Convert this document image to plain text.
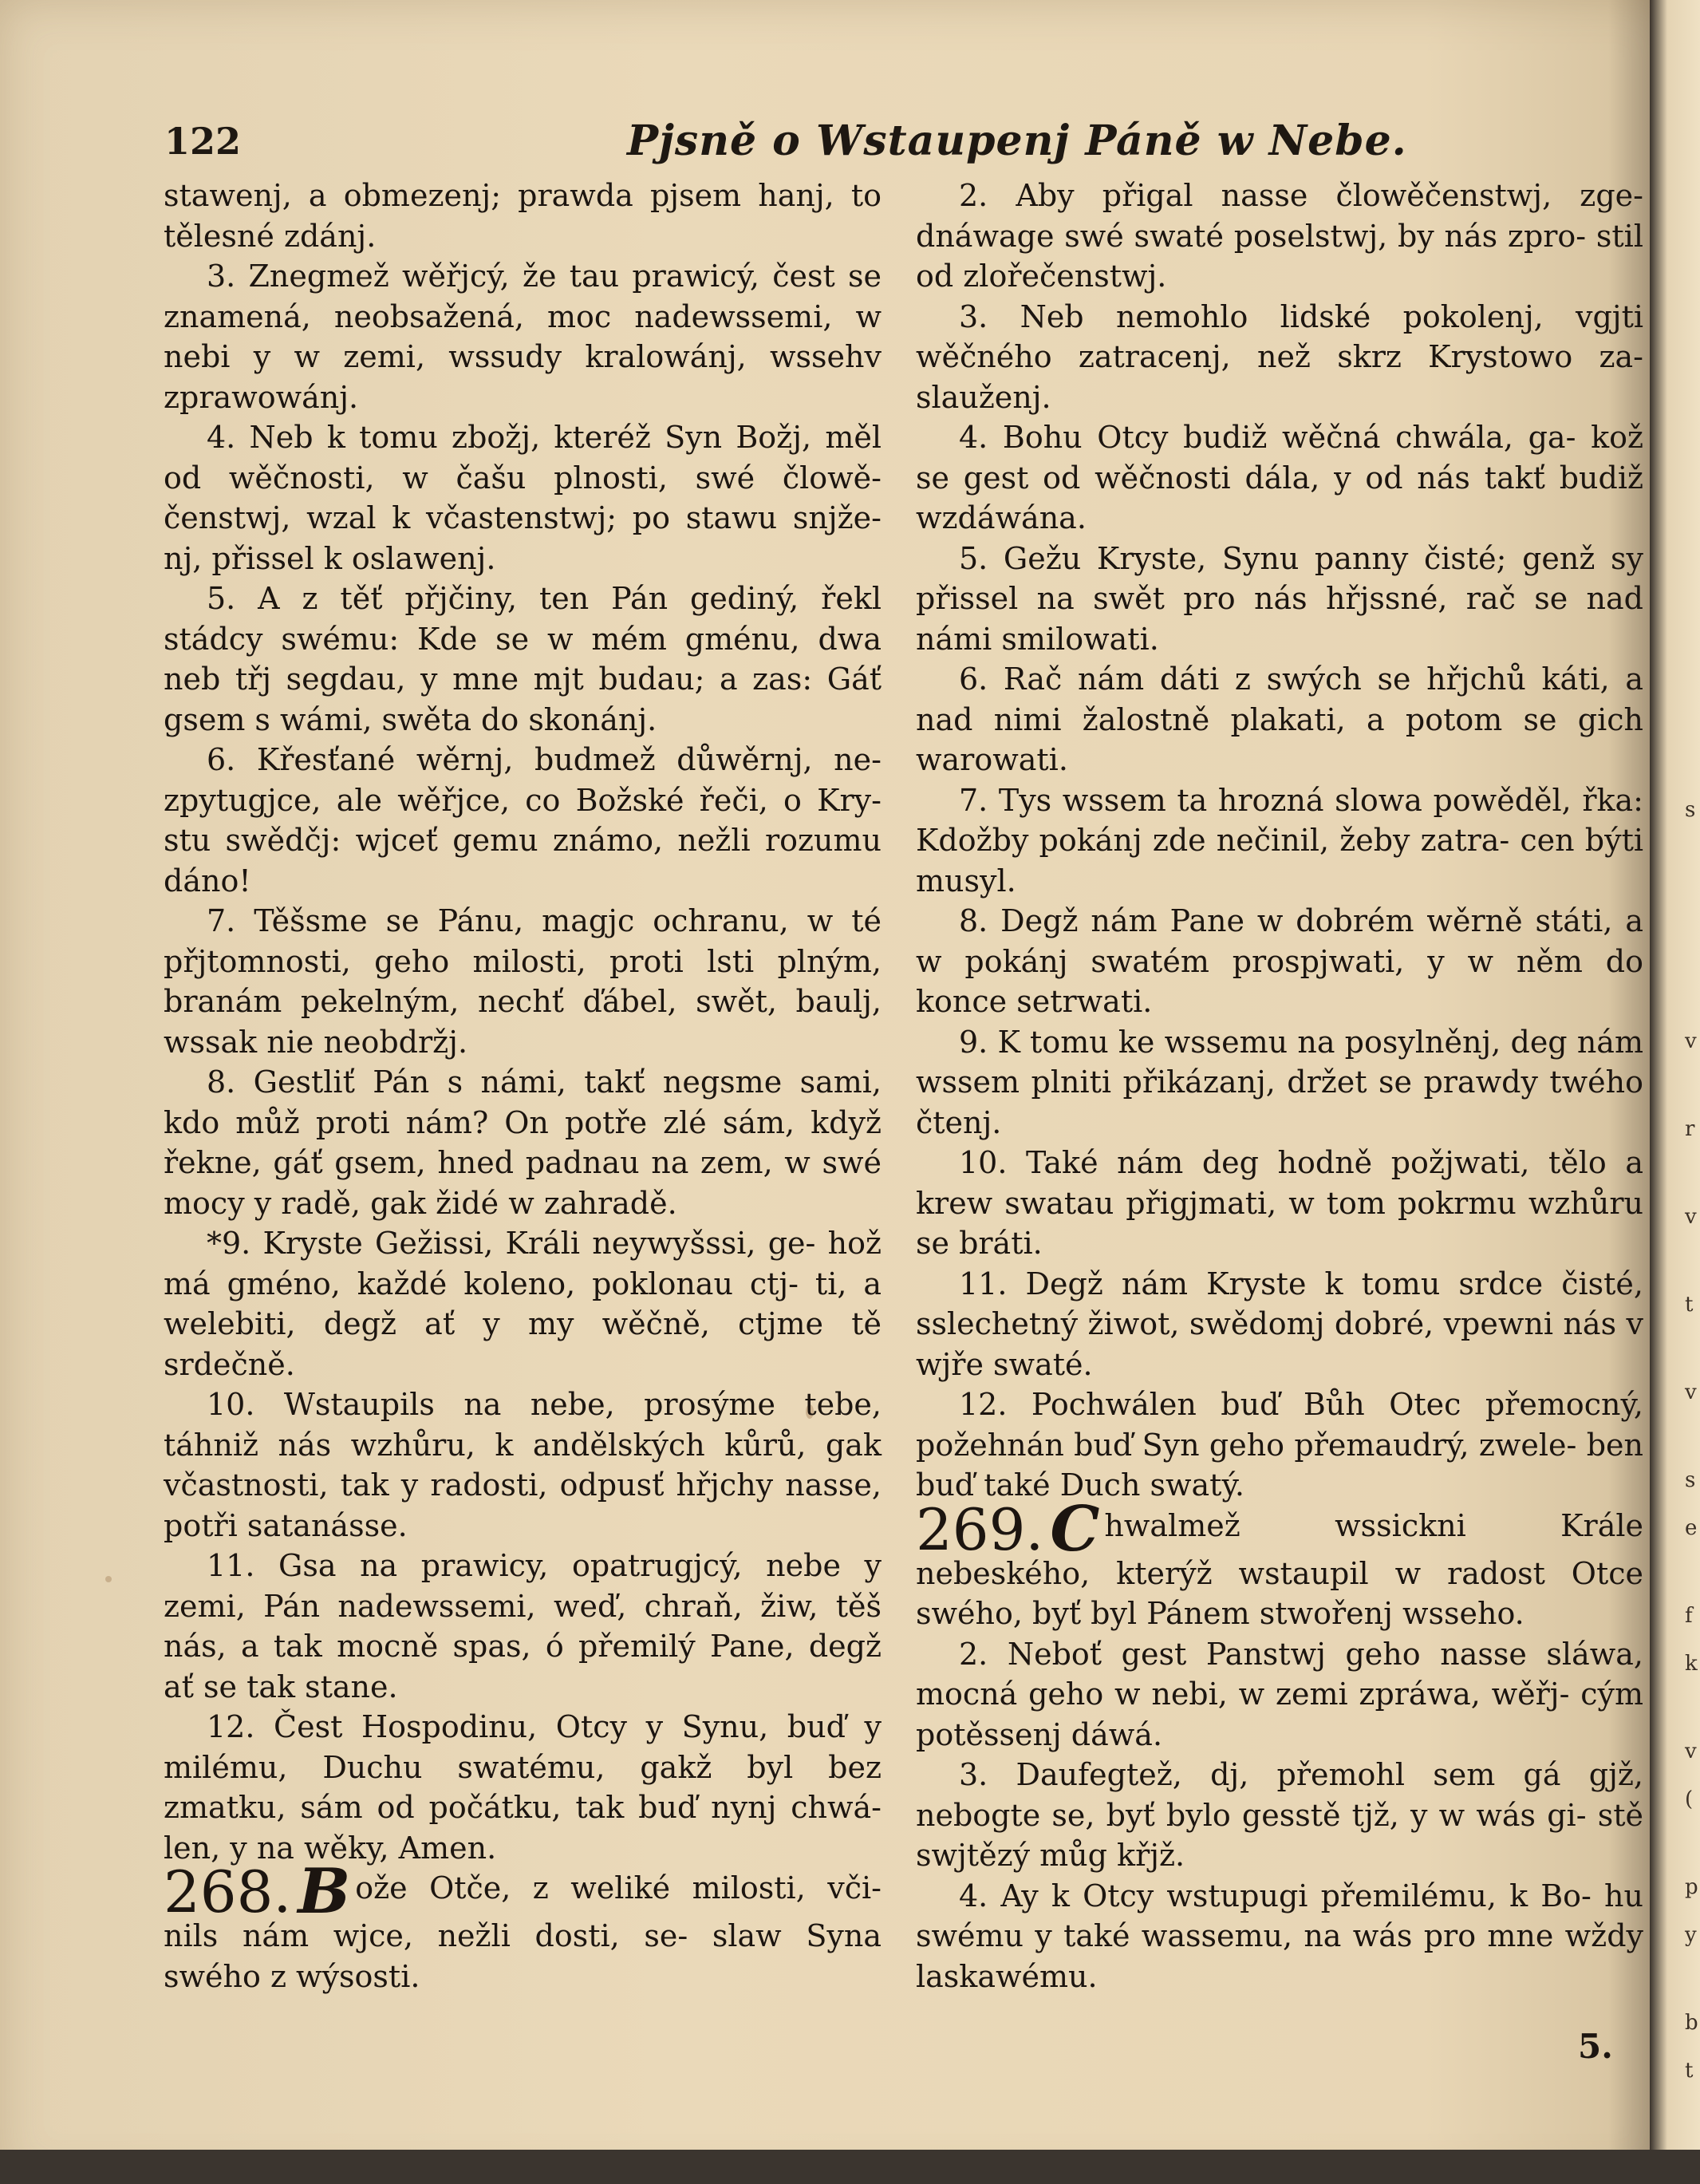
s
v
r
v
t
v
s
e
f
k
v
(
p
y
b
t
122	Pjsně o Wstaupenj Páně w Nebe.

stawenj, a obmezenj; prawda pjsem hanj, to tělesné zdánj.

3. Znegmež wěřjcý, že tau prawicý, čest se znamená, neobsažená, moc nadewssemi, w nebi y w zemi, wssudy kralowánj, wssehv zprawowánj.

4. Neb k tomu zbožj, kteréž Syn Božj, měl od wěčnosti, w čašu plnosti, swé člowě- čenstwj, wzal k včastenstwj; po stawu snjže- nj, přissel k oslawenj.

5. A z těť přjčiny, ten Pán gediný, řekl stádcy swému: Kde se w mém gménu, dwa neb třj segdau, y mne mjt budau; a zas: Gáť gsem s wámi, swěta do skonánj.

6. Křesťané wěrnj, budmež důwěrnj, ne- zpytugjce, ale wěřjce, co Božské řeči, o Kry- stu swědčj: wjceť gemu známo, nežli rozumu dáno!

7. Těšsme se Pánu, magjc ochranu, w té přjtomnosti, geho milosti, proti lsti plným, branám pekelným, nechť ďábel, swět, baulj, wssak nie neobdržj.

8. Gestliť Pán s námi, takť negsme sami, kdo můž proti nám? On potře zlé sám, když řekne, gáť gsem, hned padnau na zem, w swé mocy y radě, gak židé w zahradě.

*9. Kryste Gežissi, Králi neywyšssi, ge- hož má gméno, každé koleno, poklonau ctj- ti, a welebiti, degž ať y my wěčně, ctjme tě srdečně.

10. Wstaupils na nebe, prosýme tebe, táhniž nás wzhůru, k andělských kůrů, gak včastnosti, tak y radosti, odpusť hřjchy nasse, potři satanásse.

11. Gsa na prawicy, opatrugjcý, nebe y zemi, Pán nadewssemi, weď, chraň, žiw, těš nás, a tak mocně spas, ó přemilý Pane, degž ať se tak stane.

12. Čest Hospodinu, Otcy y Synu, buď y milému, Duchu swatému, gakž byl bez zmatku, sám od počátku, tak buď nynj chwá- len, y na wěky, Amen.

268. B ože Otče, z weliké milosti, vči- nils nám wjce, nežli dosti, se- slaw Syna swého z wýsosti.

2. Aby přigal nasse člowěčenstwj, zge- dnáwage swé swaté poselstwj, by nás zpro- stil od zlořečenstwj.

3. Neb nemohlo lidské pokolenj, vgjti wěčného zatracenj, než skrz Krystowo za- slauženj.

4. Bohu Otcy budiž wěčná chwála, ga- kož se gest od wěčnosti dála, y od nás takť budiž wzdáwána.

5. Gežu Kryste, Synu panny čisté; genž sy přissel na swět pro nás hřjssné, rač se nad námi smilowati.

6. Rač nám dáti z swých se hřjchů káti, a nad nimi žalostně plakati, a potom se gich warowati.

7. Tys wssem ta hrozná slowa powěděl, řka: Kdožby pokánj zde nečinil, žeby zatra- cen býti musyl.

8. Degž nám Pane w dobrém wěrně státi, a w pokánj swatém prospjwati, y w něm do konce setrwati.

9. K tomu ke wssemu na posylněnj, deg nám wssem plniti přikázanj, držet se prawdy twého čtenj.

10. Také nám deg hodně požjwati, tělo a krew swatau přigjmati, w tom pokrmu wzhůru se bráti.

11. Degž nám Kryste k tomu srdce čisté, sslechetný žiwot, swědomj dobré, vpewni nás v wjře swaté.

12. Pochwálen buď Bůh Otec přemocný, požehnán buď Syn geho přemaudrý, zwele- ben buď také Duch swatý.

269. C hwalmež wssickni Krále nebeského, kterýž wstaupil w radost Otce swého, byť byl Pánem stwořenj wsseho.

2. Neboť gest Panstwj geho nasse sláwa, mocná geho w nebi, w zemi zpráwa, wěřj- cým potěssenj dáwá.

3. Daufegtež, dj, přemohl sem gá gjž, nebogte se, byť bylo gesstě tjž, y w wás gi- stě swjtězý můg křjž.

4. Ay k Otcy wstupugi přemilému, k Bo- hu swému y také wassemu, na wás pro mne wždy laskawému.

5.
